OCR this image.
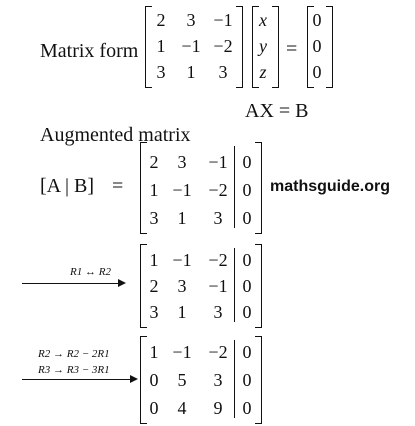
Matrix form
2	3 −1
1 −1 −2
3	1	3
x
y
z
=
0
0
0
AX = B
Augmented matrix
[A | B] =
2	3	−1 0
1 −1 −2 0
3	1	3	0
mathsguide.org
R1 ↔ R2
1 −1 −2 0
2	3	−1 0
3	1	3	0
R2 → R2 − 2R1
R3 → R3 − 3R1
1 −1 −2 0
0	5	3	0
0	4	9	0
